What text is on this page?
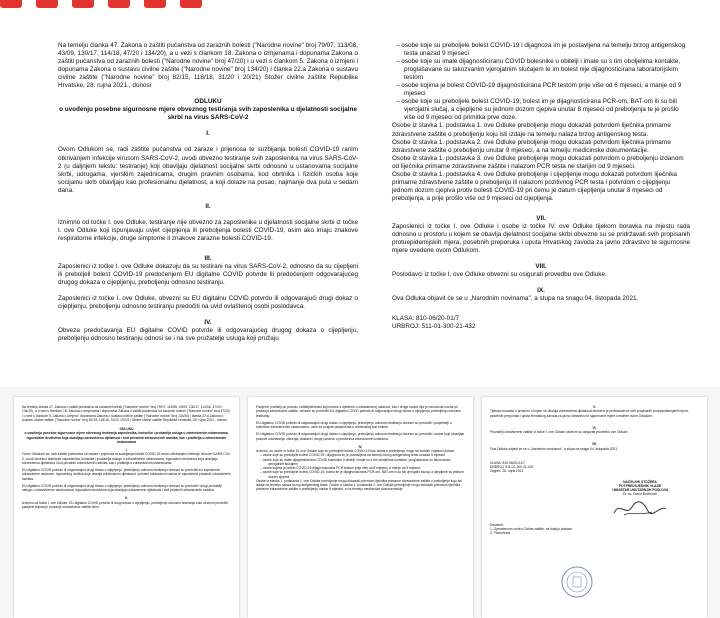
Na temelju članka 47. Zakona o zaštiti pučanstva od zaraznih bolesti ("Narodne novine" broj 79/07, 113/08, 43/09, 130/17, 114/18, 47/20 i 134/20), a u vezi s člankom 18. Zakona o izmjenama i dopunama Zakona o zaštiti pučanstva od zaraznih bolesti ("Narodne novine" broj 47/20) i u vezi s člankom 5. Zakona o izmjeni i dopunama Zakona o sustavu civilne zaštite ("Narodne novine" broj 134/20) i članka 22.a Zakona o sustavu civilne zaštite ("Narodne novine" broj 82/15, 118/18, 31/20 i 20/21) Stožer civilne zaštite Republike Hrvatske, 28. rujna 2021., donosi

ODLUKU

o uvođenju posebne sigurnosne mjere obveznog testiranja svih zaposlenika u djelatnosti socijalne skrbi na virus SARS-CoV-2

I.

Ovom Odlukom se, radi zaštite pučanstva od zaraze i prijenosa te suzbijanja bolesti COVID-19 ranim otkrivanjem infekcije virusom SARS-CoV-2, uvodi obvezno testiranje svih zaposlenika na virus SARS-CoV-2 (u daljnjem tekstu: testiranje) koji obavljaju djelatnost socijalne skrbi odnosno u ustanovama socijalne skrbi, udrugama, vjerskim zajednicama, drugim pravnim osobama, kod obrtnika i fizičkih osoba koje socijalnu skrb obavljaju kao profesionalnu djelatnost, a koji dolaze na posao, najmanje dva puta u sedam dana.

II.

Iznimno od točke I. ove Odluke, testiranje nije obvezno za zaposlenike u djelatnosti socijalne skrbi iz točke I. ove Odluke koji ispunjavaju uvjet cijepljenja ili preboljenja bolesti COVID-19, osim ako imaju znakove respiratorne infekcije, druge simptome il znakove zarazne bolesti COVID-19.

III.

Zaposlenici iz točke I. ove Odluke dokazuju da su testirani na virus SARS-CoV-2, odnosno da su cijepljeni ili preboljeli bolest COVID-19 predočenjem EU digitalne COVID potvrde ili predočenjem odgovarajućeg drugog dokaza o cijepljenju, preboljenju odnosno testiranju.

Zaposlenici iz točke I. ove Odluke, obvezni su EU digitalnu COVID potvrdu ili odgovarajući drugi dokaz o cijepljenju, preboljenju odnosno testiranju predočiti na uvid ovlaštenoj osobi poslodavca.

IV.

Obveza predočavanja EU digitalne COVID potvrde ili odgovarajućeg drugog dokaza o cijepljenju, preboljenju odnosno testiranju odnosi se i na sve pružatelje usluga koji pružaju

– osobe koje su preboljele bolest COVID-19 i dijagnoza im je postavljena na temelju brzog antigenskog testa unazad 9 mjeseci

– osobe koje su imale dijagnosticiranu COVID bolesnike u obitelji i imale su s tim oboljelima kontakte, proglašavane su takozvanim vjerojatnim slučajem te im bolest nije dijagnosticirana laboratorijskim testom

– osobe kojima je bolest COVID-19 dijagnosticirana PCR testom prije više od 6 mjeseci, a manje od 9 mjeseci

– osobe koje su preboljele bolest COVID-19, bolest im je dijagnosticirana PCR-om, BAT-om ili su bili vjerojatni slučaj, a cijepljene su jednom dozom cjepiva unutar 8 mjeseci od preboljenja te je prošlo više od 9 mjeseci od primitka prve doze.

Osobe iz stavka 1. podstavka 1. ove Odluke preboljenje mogu dokazati potvrdom liječnika primarne zdravstvene zaštite o preboljenju koju isti izdaje na temelju nalaza brzog antigenskog testa.

Osobe iz stavka 1. podstavka 2. ove Odluke preboljenje mogu dokazati potvrdom liječnika primarne zdravstvene zaštite o preboljenju unutar 9 mjeseci, a na temelju medicinske dokumentacije.

Osobe iz stavka 1. podstavka 3. ove Odluke preboljenje mogu dokazati potvrdom o preboljenju izdanom od liječnika primarne zdravstvene zaštite i nalazom PCR testa ne starijim od 9 mjeseci.

Osobe iz stavka 1. podstavka 4. ove Odluke preboljenje i cijepljenje mogu dokazati potvrdom liječnika primarne zdravstvene zaštite o preboljenju ili nalazom pozitivnog PCR testa i potvrdom o cijepljenju jednom dozom cjepiva protiv bolesti COVID-19 pri čemu je datum cijepljenja unutar 8 mjeseci od preboljenja, a prije prošlo više od 9 mjeseci od cijepljenja.

VII.

Zaposlenici iz točke I. ove Odluke i osobe iz točke IV. ove Odluke tijekom boravka na mjestu rada odnosno u prostoru u kojem se obavlja djelatnost socijalne skrbi obvezne su se pridržavati svih propisanih protuepidemijskih mjera, posebnih preporuka i uputa Hrvatskog zavoda za javno zdravstvo te sigurnosne mjere uvedene ovom Odlukom.

VIII.

Poslodavci iz točke I. ove Odluke obvezni su osigurati provedbu ove Odluke.

IX.

Ova Odluka objavit će se u „Narodnim novinama", a stupa na snagu 04. listopada 2021.

KLASA: 810-06/20-01/7

URBROJ: 511-01-300-21-432

Na temelju članka 47. Zakona o zaštiti pučanstva od zaraznih bolesti ("Narodne novine" broj 79/07, 113/08, 43/09, 130/17, 114/18, 47/20 i 134/20), a u vezi s člankom 18. Zakona o izmjenama i dopunama Zakona o zaštiti pučanstva od zaraznih bolesti ("Narodne novine" broj 47/20) i u vezi s člankom 5. Zakona o izmjeni i dopunama Zakona o sustavu civilne zaštite ("Narodne novine" broj 134/20) i članka 22.a Zakona o sustavu civilne zaštite ("Narodne novine" broj 82/15, 118/18, 31/20 i 20/21) Stožer civilne zaštite Republike Hrvatske, 28. rujna 2021., donosi

ODLUKU

o uvođenju posebne sigurnosne mjere obveznog testiranja zaposlenika, korisnika i pružatelja usluga u zdravstvenim ustanovama, trgovačkim društvima koja obavljaju zdravstvenu djelatnost i kod privatnih zdravstvenih radnika, kao i pratitelja u zdravstvenim ustanovama

I.

Ovom Odlukom se, radi zaštite pučanstva od zaraze i prijenosa te suzbijanja bolesti COVID-19 ranim otkrivanjem infekcije virusom SARS-CoV-2, uvodi obvezno testiranje zaposlenika, korisnika i pružatelja usluga u zdravstvenim ustanovama, trgovačkim društvima koja obavljaju zdravstvenu djelatnost i kod privatnih zdravstvenih radnika, kao i pratitelja u zdravstvenim ustanovama.

EU digitalnu COVID potvrdu ili odgovarajući drugi dokaz o cijepljenju, preboljenju odnosno testiranju obvezni su predočiti svi zaposlenici zdravstvene ustanove, trgovačkog društva koje obavlja zdravstvenu djelatnost i privatni zdravstveni radnici te zaposlenici privatnih zdravstvenih radnika.

EU digitalnu COVID potvrdu ili odgovarajući drugi dokaz o cijepljenju, preboljenju odnosno testiranju obvezni su predočiti i drugi pružatelji usluga u zdravstvenim ustanovama, trgovačkim društvima koja obavljaju zdravstvenu djelatnost i kod privatnih zdravstvenih radnika.

II.

Iznimno od točke I. ove Odluke, EU digitalnu COVID potvrdu ili drugi dokaz o cijepljenju, preboljenju odnosno testiranju nisu obvezni predočiti pacijenti kojima je pružanje zdravstvene zaštite hitno.

Pacijenti, pratitelji pri porodu, roditelji/skrbnici koji borave s djetetom u zdravstvenoj ustanovi, kao i druge osobe čija je nazočnost nužna pri pružanju zdravstvene zaštite, obvezni su predočiti EU digitalnu COVID potvrdu ili odgovarajući drugi dokaz o cijepljenju, preboljenju odnosno testiranju.

EU digitalnu COVID potvrdu ili odgovarajući drugi dokaz o cijepljenju, preboljenju odnosno testiranju obvezni su predočiti i posjetitelji u bolničkim zdravstvenim ustanovama, osim za posjete pacijentima u terminalnoj fazi bolesti.

EU digitalnu COVID potvrdu ili odgovarajući drugi dokaz o cijepljenju, preboljenju odnosno testiranju obvezni su predočiti i osobe koje obavljaju poslove održavanja, čišćenja, dostave i druge poslove u prostorima zdravstvenih ustanova.

IV.

Iznimno, za osobe iz točke III. ove Odluke koje su preboljele bolest COVID-19 kao dokaz o preboljenju mogu se koristiti i sljedeći dokazi:

– osobe koje su preboljele bolest COVID-19 i dijagnoza im je postavljena na temelju brzog antigenskog testa unazad 9 mjeseci

– osobe koje su imale dijagnosticiranu COVID bolesnike u obitelji i imale su s tim oboljelima kontakte, proglašavane su takozvanim vjerojatnim slučajem

– osobe kojima je bolest COVID-19 dijagnosticirana PCR testom prije više od 6 mjeseci, a manje od 9 mjeseci

– osobe koje su preboljele bolest COVID-19, bolest im je dijagnosticirana PCR-om, BAT-om ili su bili vjerojatni slučaj, a cijepljene su jednom dozom cjepiva

Osobe iz stavka 1. podstavka 1. ove Odluke preboljenje mogu dokazati potvrdom liječnika primarne zdravstvene zaštite o preboljenju koju isti izdaje na temelju nalaza brzog antigenskog testa. Osobe iz stavka 1. podstavka 2. ove Odluke preboljenje mogu dokazati potvrdom liječnika primarne zdravstvene zaštite o preboljenju unutar 9 mjeseci, a na temelju medicinske dokumentacije.

V.

Tijekom boravka u prostoru u kojem se obavlja zdravstvena djelatnost obvezno je pridržavati se svih propisanih protuepidemijskih mjera, posebnih preporuka i uputa Hrvatskog zavoda za javno zdravstvo te sigurnosne mjere uvedene ovom Odlukom.

VI.

Pružatelji zdravstvene zaštite iz točke I. ove Odluke obvezni su osigurati provedbu ove Odluke.

VII.

Ova Odluka objavit će se u „Narodnim novinama", a stupa na snagu 04. listopada 2021.

KLASA: 810-06/20-01/7

URBROJ: 511-01-300-21-431

Zagreb, 28. rujna 2021.

NAČELNIK STOŽERA

POTPREDSJEDNIK VLADE

I MINISTAR UNUTARNJIH POSLOVA

Dr. sc. Davor Božinović

Dostaviti:

1. Operativnom centru Civilne zaštite, na daljnju dostavu

2. Pismohrani
